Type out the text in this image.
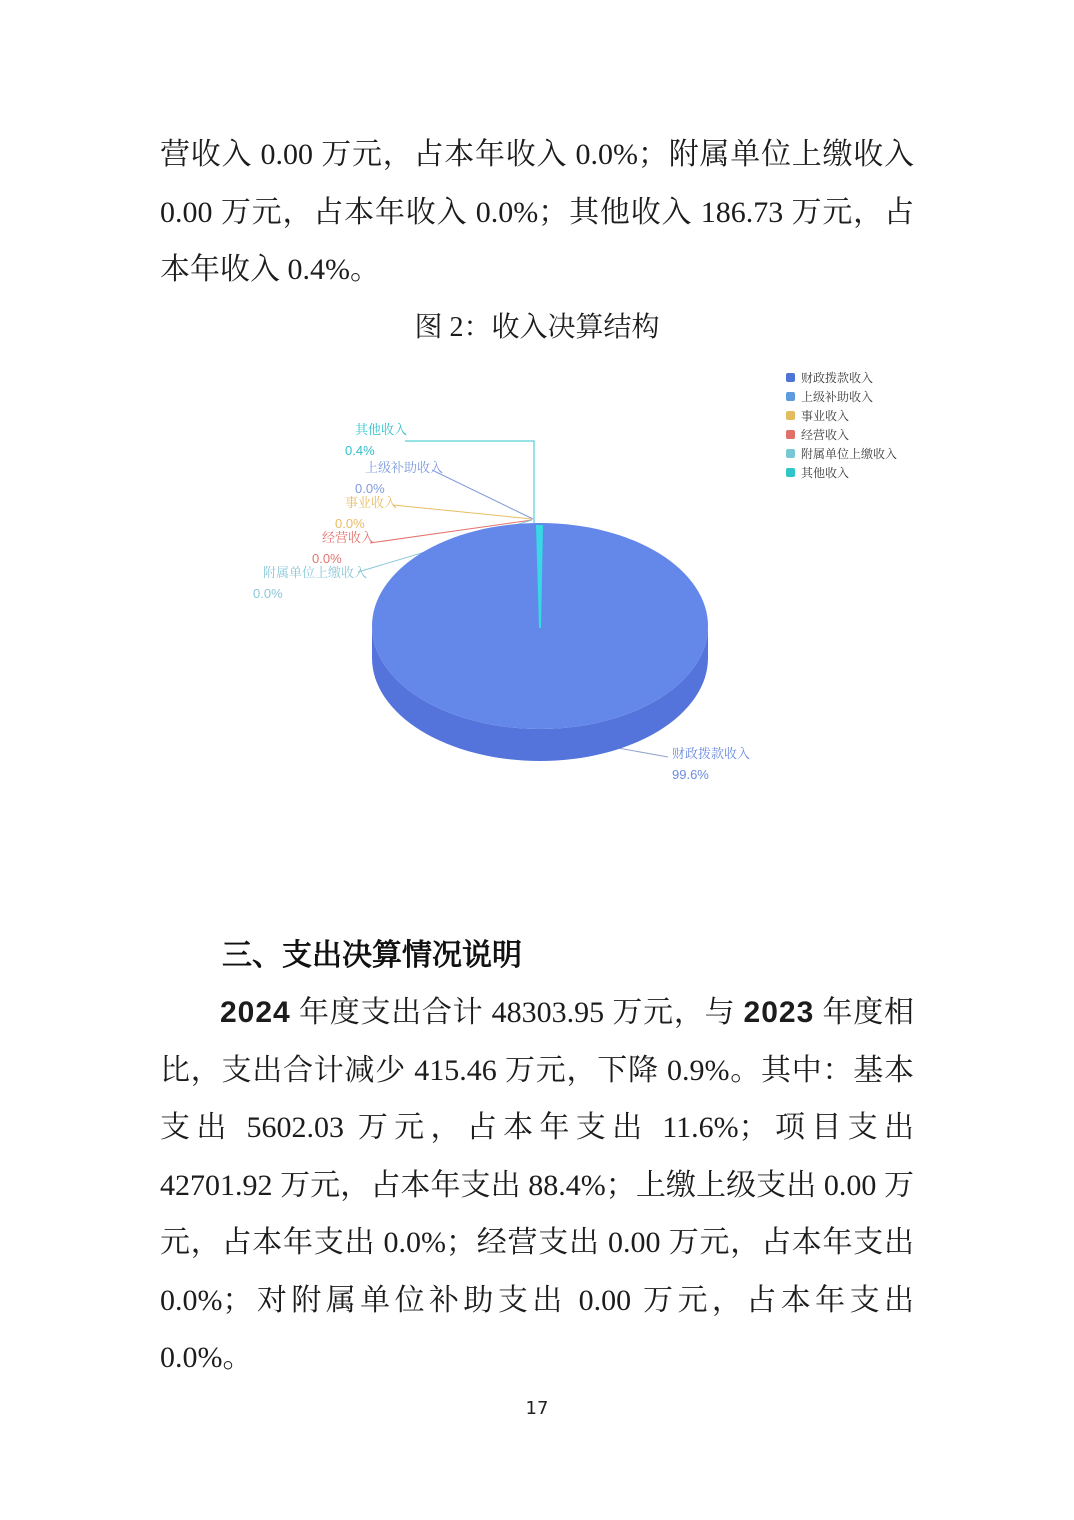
营收入 0.00 万元，占本年收入 0.0%；附属单位上缴收入 0.00 万元，占本年收入 0.0%；其他收入 186.73 万元，占本年收入 0.4%。

图 2：收入决算结构
其他收入
0.4%
上级补助收入
0.0%
事业收入
0.0%
经营收入
0.0%
附属单位上缴收入
0.0%
财政拨款收入
99.6%
财政拨款收入
上级补助收入
事业收入
经营收入
附属单位上缴收入
其他收入
三、支出决算情况说明

2024 年度支出合计 48303.95 万元，与 2023 年度相比，支出合计减少 415.46 万元，下降 0.9%。其中：基本支出 5602.03 万元，占本年支出 11.6%；项目支出 42701.92 万元，占本年支出 88.4%；上缴上级支出 0.00 万元，占本年支出 0.0%；经营支出 0.00 万元，占本年支出 0.0%；对附属单位补助支出 0.00 万元，占本年支出 0.0%。

17
